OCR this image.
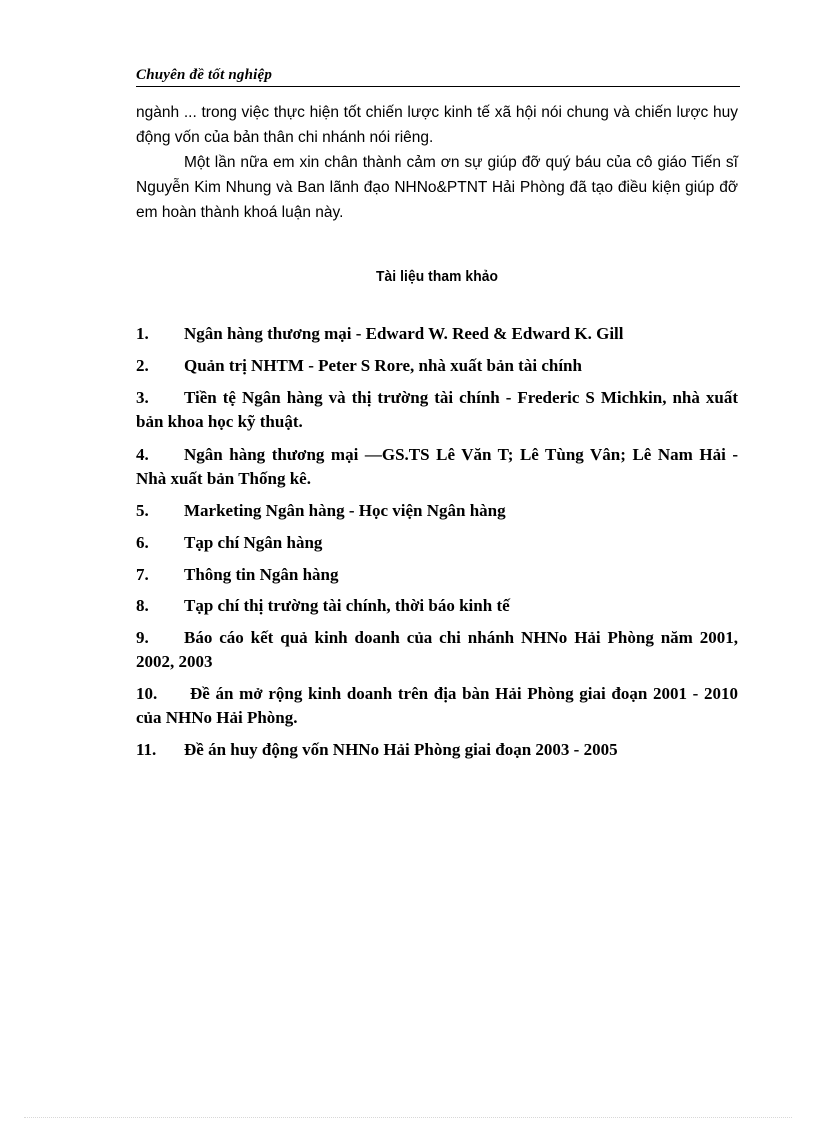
Chuyên đề tốt nghiệp

ngành ... trong việc thực hiện tốt chiến lược kinh tế xã hội nói chung và chiến lược huy động vốn của bản thân chi nhánh nói riêng.

Một lần nữa em xin chân thành cảm ơn sự giúp đỡ quý báu của cô giáo Tiến sĩ Nguyễn Kim Nhung và Ban lãnh đạo NHNo&PTNT Hải Phòng đã tạo điều kiện giúp đỡ em hoàn thành khoá luận này.

Tài liệu tham khảo
1. Ngân hàng thương mại - Edward W. Reed & Edward K. Gill
2. Quản trị NHTM - Peter S Rore, nhà xuất bản tài chính
3. Tiền tệ Ngân hàng và thị trường tài chính - Frederic S Michkin, nhà xuất bản khoa học kỹ thuật.
4. Ngân hàng thương mại —GS.TS Lê Văn T; Lê Tùng Vân; Lê Nam Hải - Nhà xuất bản Thống kê.
5. Marketing Ngân hàng - Học viện Ngân hàng
6. Tạp chí Ngân hàng
7. Thông tin Ngân hàng
8. Tạp chí thị trường tài chính, thời báo kinh tế
9. Báo cáo kết quả kinh doanh của chi nhánh NHNo Hải Phòng năm 2001, 2002, 2003
10. Đề án mở rộng kinh doanh trên địa bàn Hải Phòng giai đoạn 2001 - 2010 của NHNo Hải Phòng.
11. Đề án huy động vốn NHNo Hải Phòng giai đoạn 2003 - 2005
